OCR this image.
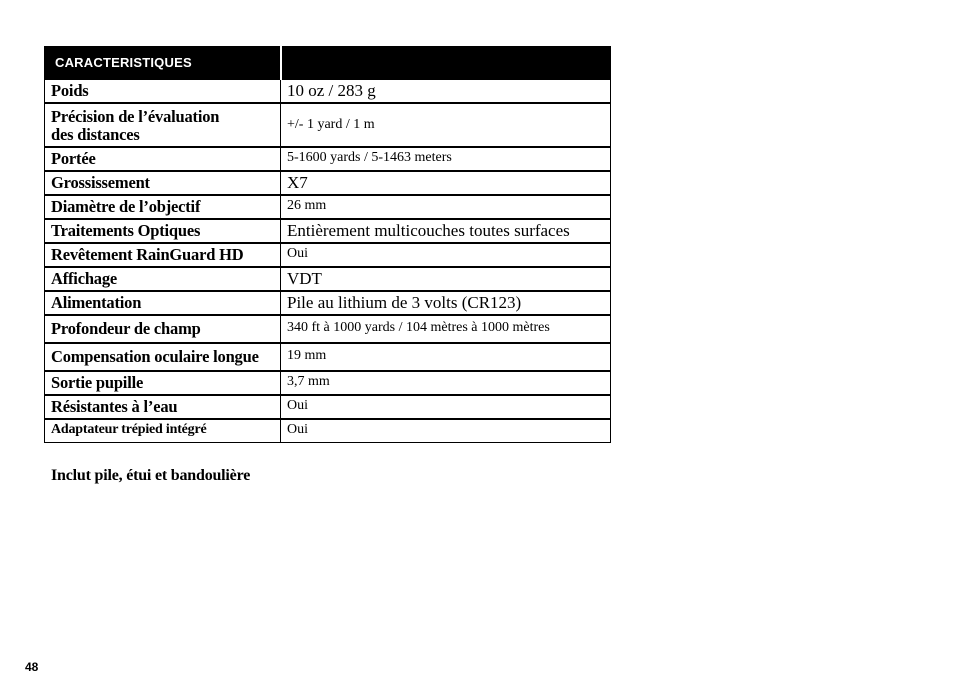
CARACTERISTIQUES	
Poids	10 oz / 283 g
Précision de l’évaluation
des distances	+/- 1 yard / 1 m
Portée	5-1600 yards / 5-1463 meters
Grossissement	X7
Diamètre de l’objectif	26 mm
Traitements Optiques	Entièrement multicouches toutes surfaces
Revêtement RainGuard HD	Oui
Affichage	VDT
Alimentation	Pile au lithium de 3 volts (CR123)
Profondeur de champ	340 ft à 1000 yards / 104 mètres à 1000 mètres
Compensation oculaire longue	19 mm
Sortie pupille	3,7 mm
Résistantes à l’eau	Oui
Adaptateur trépied intégré	Oui
Inclut pile, étui et bandoulière
48
